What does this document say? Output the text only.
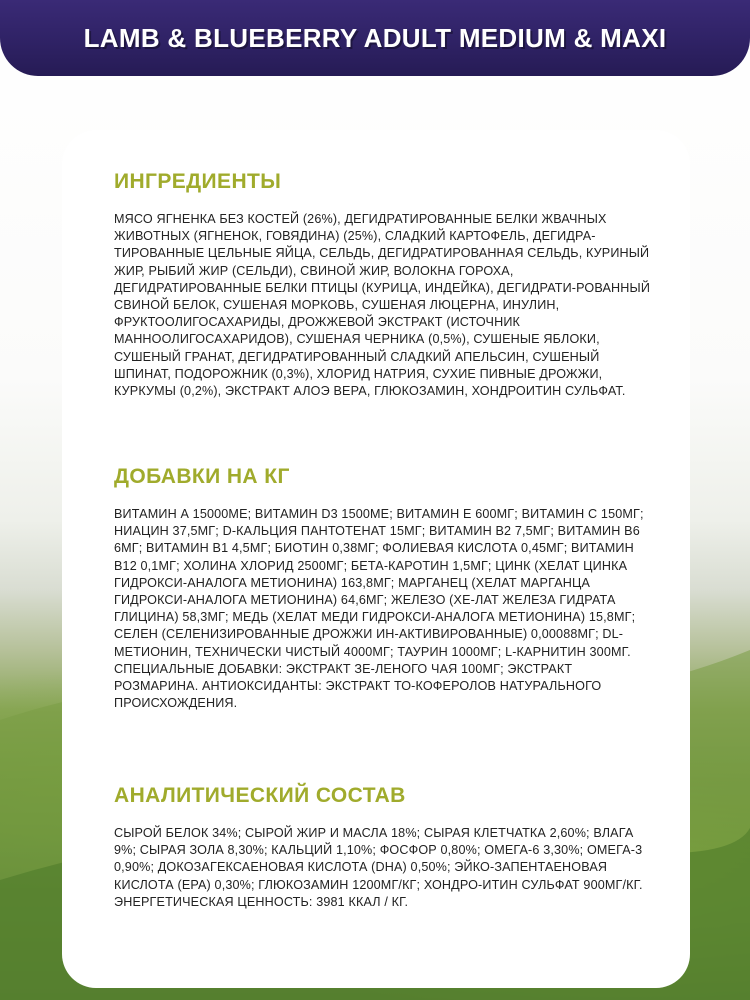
LAMB & BLUEBERRY ADULT MEDIUM & MAXI
ИНГРЕДИЕНТЫ
МЯСО ЯГНЕНКА БЕЗ КОСТЕЙ (26%), ДЕГИДРАТИРОВАННЫЕ БЕЛКИ ЖВАЧНЫХ ЖИВОТНЫХ (ЯГНЕНОК, ГОВЯДИНА) (25%), СЛАДКИЙ КАРТОФЕЛЬ, ДЕГИДРА-ТИРОВАННЫЕ ЦЕЛЬНЫЕ ЯЙЦА, СЕЛЬДЬ, ДЕГИДРАТИРОВАННАЯ СЕЛЬДЬ, КУРИНЫЙ ЖИР, РЫБИЙ ЖИР (СЕЛЬДИ), СВИНОЙ ЖИР, ВОЛОКНА ГОРОХА, ДЕГИДРАТИРОВАННЫЕ БЕЛКИ ПТИЦЫ (КУРИЦА, ИНДЕЙКА), ДЕГИДРАТИ-РОВАННЫЙ СВИНОЙ БЕЛОК, СУШЕНАЯ МОРКОВЬ, СУШЕНАЯ ЛЮЦЕРНА, ИНУЛИН, ФРУКТООЛИГОСАХАРИДЫ, ДРОЖЖЕВОЙ ЭКСТРАКТ (ИСТОЧНИК МАННООЛИГОСАХАРИДОВ), СУШЕНАЯ ЧЕРНИКА (0,5%), СУШЕНЫЕ ЯБЛОКИ, СУШЕНЫЙ ГРАНАТ, ДЕГИДРАТИРОВАННЫЙ СЛАДКИЙ АПЕЛЬСИН, СУШЕНЫЙ ШПИНАТ, ПОДОРОЖНИК (0,3%), ХЛОРИД НАТРИЯ, СУХИЕ ПИВНЫЕ ДРОЖЖИ, КУРКУМЫ (0,2%), ЭКСТРАКТ АЛОЭ ВЕРА, ГЛЮКОЗАМИН, ХОНДРОИТИН СУЛЬФАТ.
ДОБАВКИ НА КГ
ВИТАМИН А 15000МЕ; ВИТАМИН D3 1500МЕ; ВИТАМИН Е 600МГ; ВИТАМИН С 150МГ; НИАЦИН 37,5МГ; D-КАЛЬЦИЯ ПАНТОТЕНАТ 15МГ; ВИТАМИН В2 7,5МГ; ВИТАМИН В6 6МГ; ВИТАМИН В1 4,5МГ; БИОТИН 0,38МГ; ФОЛИЕВАЯ КИСЛОТА 0,45МГ; ВИТАМИН В12 0,1МГ; ХОЛИНА ХЛОРИД 2500МГ; БЕТА-КАРОТИН 1,5МГ; ЦИНК (ХЕЛАТ ЦИНКА ГИДРОКСИ-АНАЛОГА МЕТИОНИНА) 163,8МГ; МАРГАНЕЦ (ХЕЛАТ МАРГАНЦА ГИДРОКСИ-АНАЛОГА МЕТИОНИНА) 64,6МГ; ЖЕЛЕЗО (ХЕ-ЛАТ ЖЕЛЕЗА ГИДРАТА ГЛИЦИНА) 58,3МГ; МЕДЬ (ХЕЛАТ МЕДИ ГИДРОКСИ-АНАЛОГА МЕТИОНИНА) 15,8МГ; СЕЛЕН (СЕЛЕНИЗИРОВАННЫЕ ДРОЖЖИ ИН-АКТИВИРОВАННЫЕ) 0,00088МГ; DL-МЕТИОНИН, ТЕХНИЧЕСКИ ЧИСТЫЙ 4000МГ; ТАУРИН 1000МГ; L-КАРНИТИН 300МГ. СПЕЦИАЛЬНЫЕ ДОБАВКИ: ЭКСТРАКТ ЗЕ-ЛЕНОГО ЧАЯ 100МГ; ЭКСТРАКТ РОЗМАРИНА. АНТИОКСИДАНТЫ: ЭКСТРАКТ ТО-КОФЕРОЛОВ НАТУРАЛЬНОГО ПРОИСХОЖДЕНИЯ.
АНАЛИТИЧЕСКИЙ СОСТАВ
СЫРОЙ БЕЛОК 34%; СЫРОЙ ЖИР И МАСЛА 18%; СЫРАЯ КЛЕТЧАТКА 2,60%; ВЛАГА 9%; СЫРАЯ ЗОЛА 8,30%; КАЛЬЦИЙ 1,10%; ФОСФОР 0,80%; ОМЕГА-6 3,30%; ОМЕГА-3 0,90%; ДОКОЗАГЕКСАЕНОВАЯ КИСЛОТА (DHA) 0,50%; ЭЙКО-ЗАПЕНТАЕНОВАЯ КИСЛОТА (EPA) 0,30%; ГЛЮКОЗАМИН 1200МГ/КГ; ХОНДРО-ИТИН СУЛЬФАТ 900МГ/КГ.
ЭНЕРГЕТИЧЕСКАЯ ЦЕННОСТЬ: 3981 ККАЛ / КГ.
